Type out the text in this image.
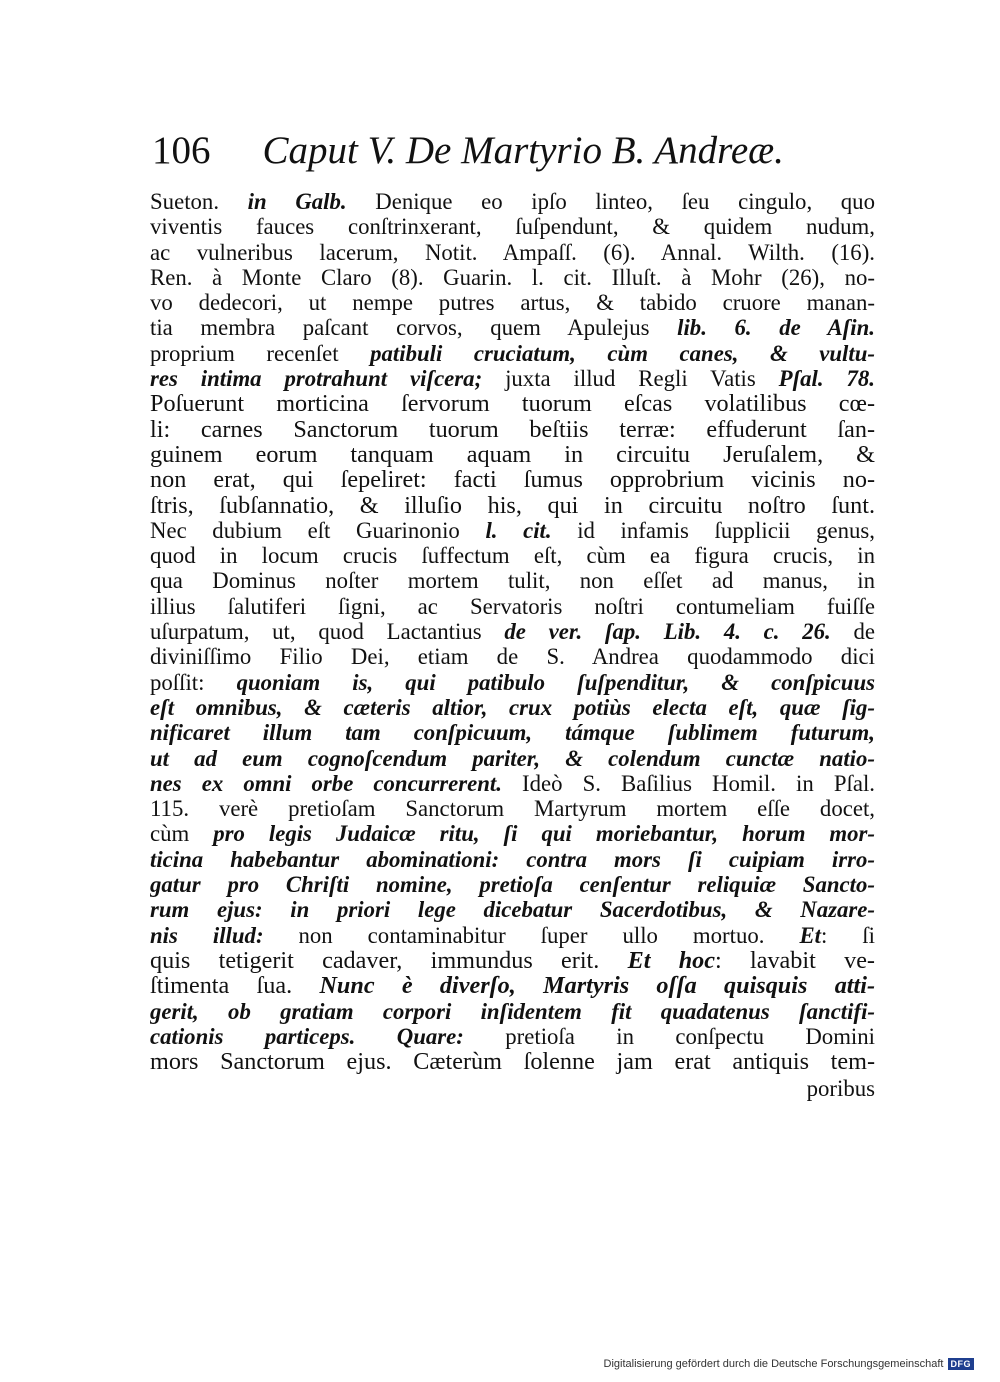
106 Caput V. De Martyrio B. Andreæ.
Sueton. in Galb. Denique eo ipſo linteo, ſeu cingulo, quo
viventis fauces conſtrinxerant, ſuſpendunt, & quidem nudum,
ac vulneribus lacerum, Notit. Ampaſſ. (6). Annal. Wilth. (16).
Ren. à Monte Claro (8). Guarin. l. cit. Illuſt. à Mohr (26), no-
vo dedecori, ut nempe putres artus, & tabido cruore manan-
tia membra paſcant corvos, quem Apulejus lib. 6. de Aſin.
proprium recenſet patibuli cruciatum, cùm canes, & vultu-
res intima protrahunt viſcera; juxta illud Regli Vatis Pſal. 78.
Poſuerunt morticina ſervorum tuorum eſcas volatilibus cœ-
li: carnes Sanctorum tuorum beſtiis terræ: effuderunt ſan-
guinem eorum tanquam aquam in circuitu Jeruſalem, &
non erat, qui ſepeliret: facti ſumus opprobrium vicinis no-
ſtris, ſubſannatio, & illuſio his, qui in circuitu noſtro ſunt.
Nec dubium eſt Guarinonio l. cit. id infamis ſupplicii genus,
quod in locum crucis ſuffectum eſt, cùm ea figura crucis, in
qua Dominus noſter mortem tulit, non eſſet ad manus, in
illius ſalutiferi ſigni, ac Servatoris noſtri contumeliam fuiſſe
uſurpatum, ut, quod Lactantius de ver. ſap. Lib. 4. c. 26. de
diviniſſimo Filio Dei, etiam de S. Andrea quodammodo dici
poſſit: quoniam is, qui patibulo ſuſpenditur, & conſpicuus
eſt omnibus, & cæteris altior, crux potiùs electa eſt, quæ ſig-
nificaret illum tam conſpicuum, támque ſublimem futurum,
ut ad eum cognoſcendum pariter, & colendum cunctæ natio-
nes ex omni orbe concurrerent. Ideò S. Baſilius Homil. in Pſal.
115. verè pretioſam Sanctorum Martyrum mortem eſſe docet,
cùm pro legis Judaicæ ritu, ſi qui moriebantur, horum mor-
ticina habebantur abominationi: contra mors ſi cuipiam irro-
gatur pro Chriſti nomine, pretioſa cenſentur reliquiæ Sancto-
rum ejus: in priori lege dicebatur Sacerdotibus, & Nazare-
nis illud: non contaminabitur ſuper ullo mortuo. Et: ſi
quis tetigerit cadaver, immundus erit. Et hoc: lavabit ve-
ſtimenta ſua. Nunc è diverſo, Martyris oſſa quisquis atti-
gerit, ob gratiam corpori inſidentem fit quadatenus ſanctifi-
cationis particeps. Quare: pretioſa in conſpectu Domini
mors Sanctorum ejus. Cæterùm ſolenne jam erat antiquis tem-
poribus
Digitalisierung gefördert durch die Deutsche Forschungsgemeinschaft DFG
